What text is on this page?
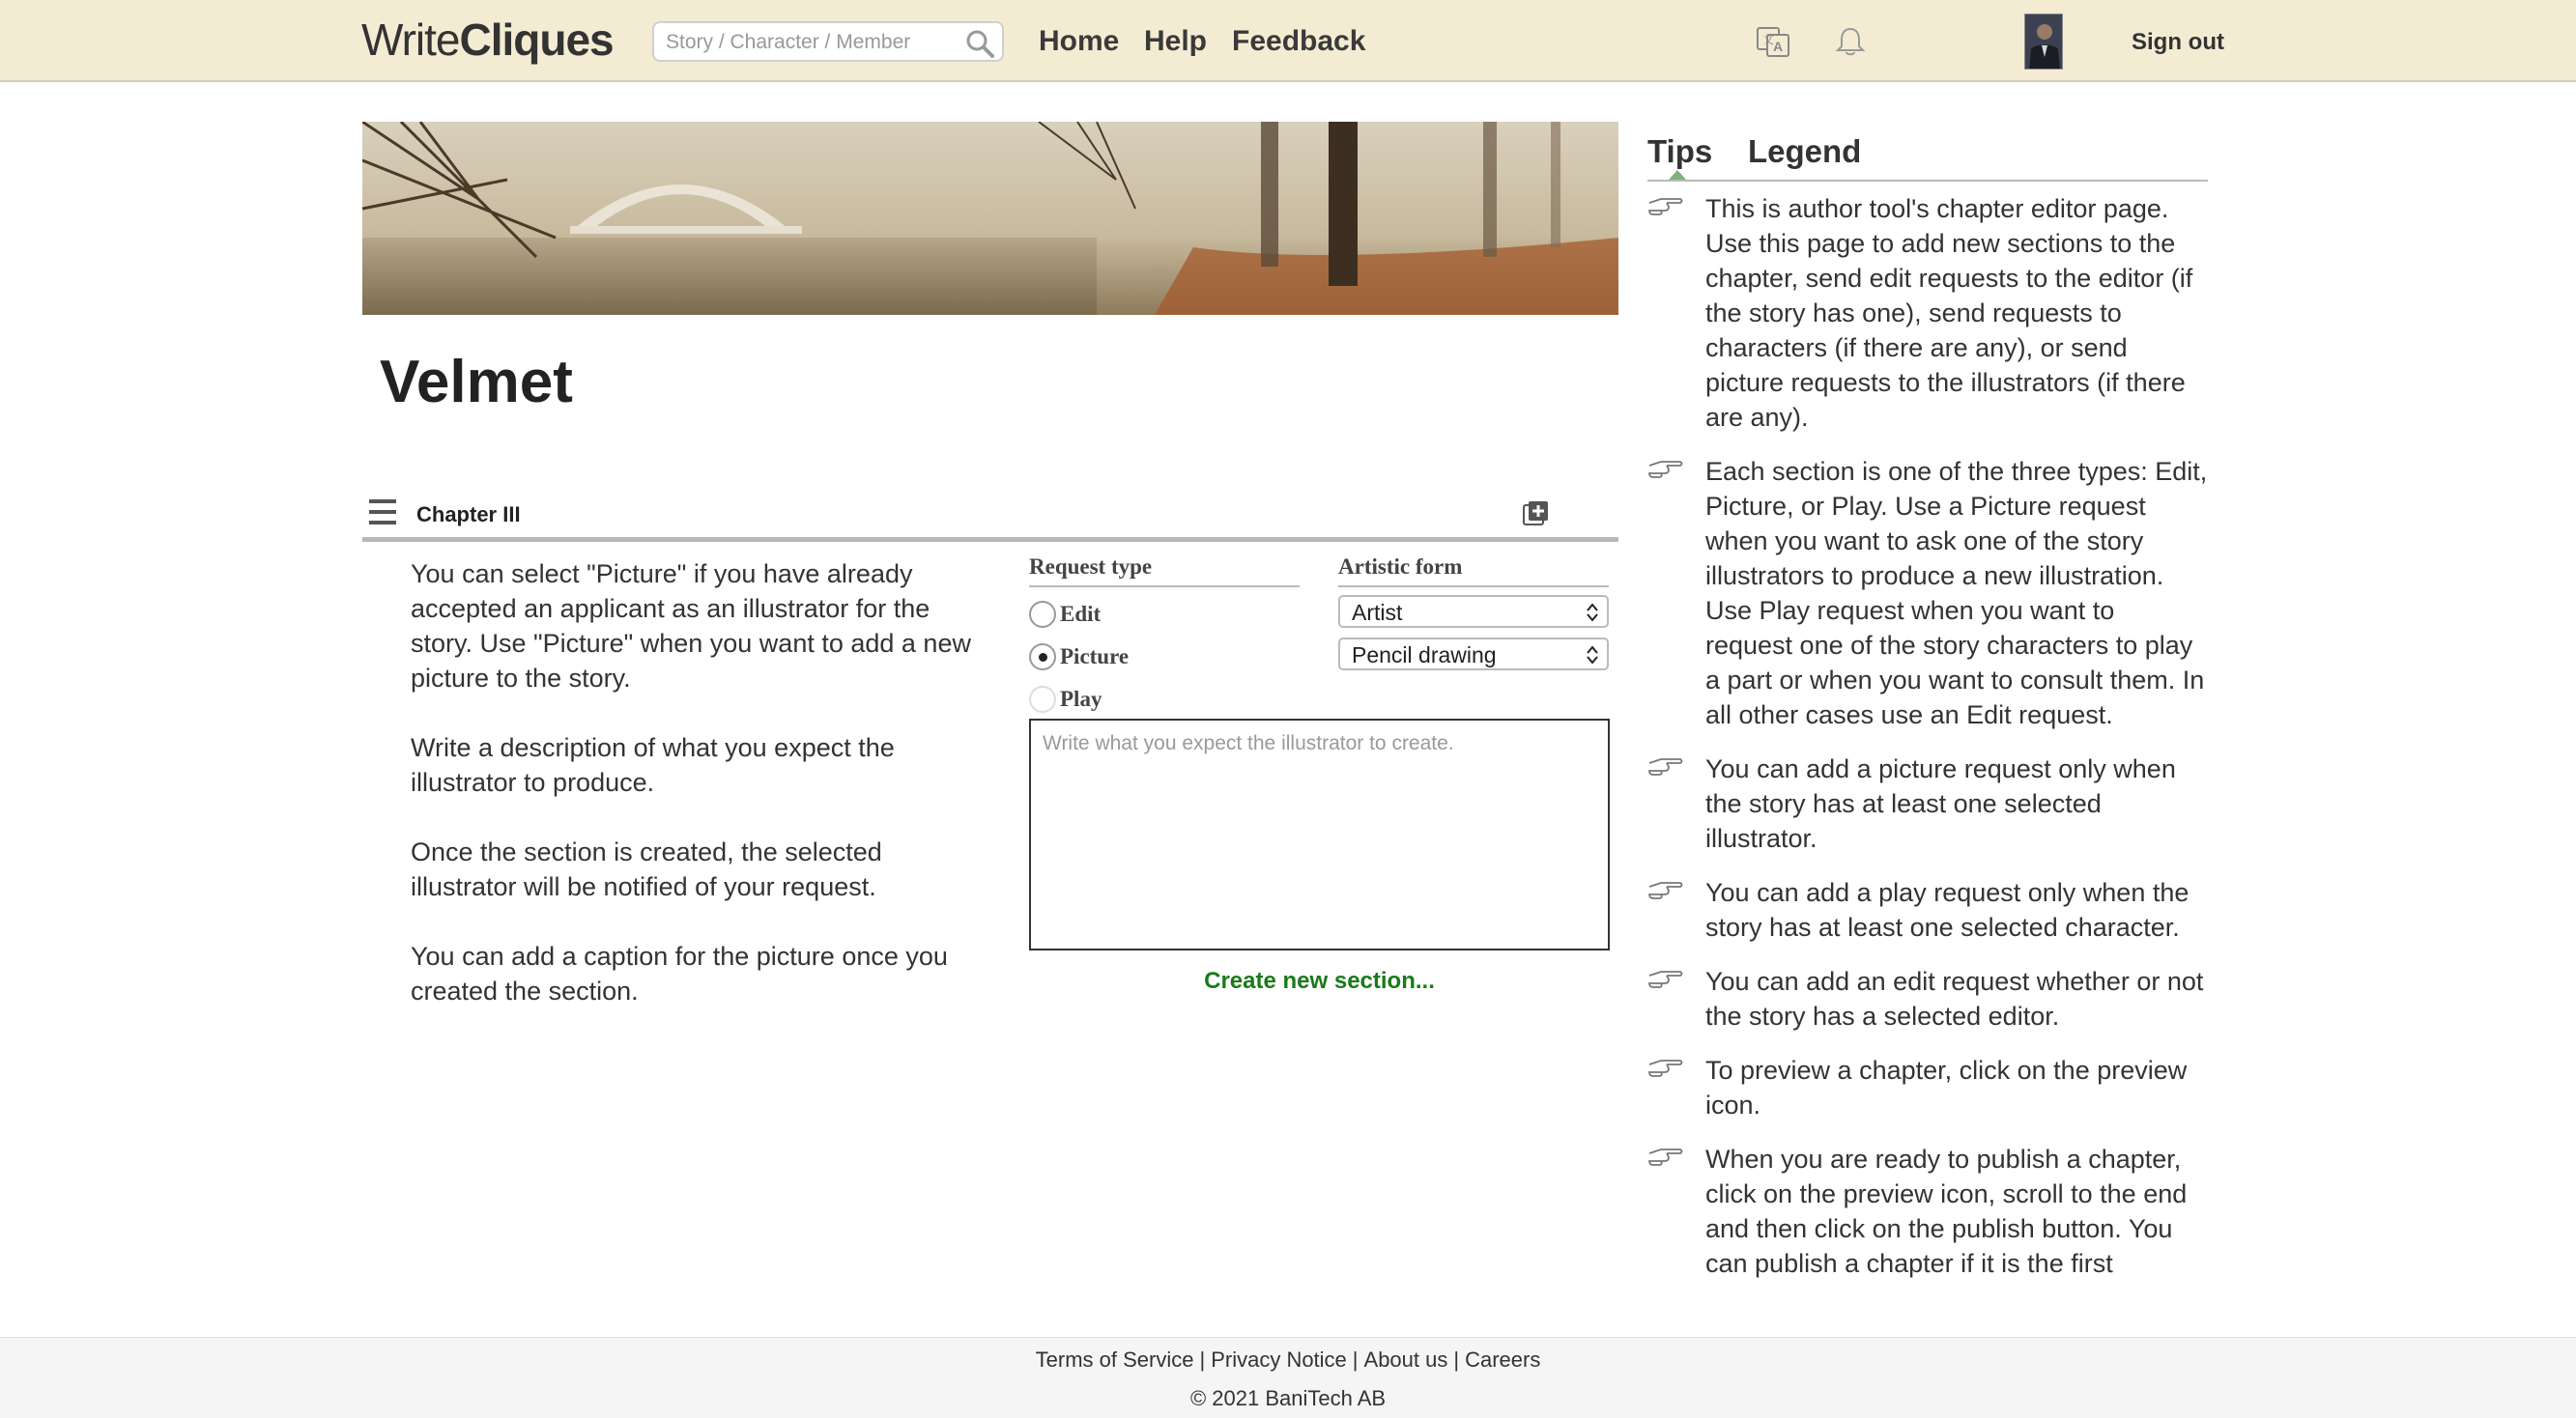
WriteCliques
Story / Character / Member	Home Help Feedback	文
A	Sign out
Velmet
Chapter III

You can select "Picture" if you have already accepted an applicant as an illustrator for the story. Use "Picture" when you want to add a new picture to the story.

Write a description of what you expect the illustrator to produce.

Once the section is created, the selected illustrator will be notified of your request.

You can add a caption for the picture once you created the section.

Request type	Artistic form
Edit
Picture
Play
Artist
Pencil drawing
Write what you expect the illustrator to create.
Create new section...
Tips Legend
This is author tool's chapter editor page. Use this page to add new sections to the chapter, send edit requests to the editor (if the story has one), send requests to characters (if there are any), or send picture requests to the illustrators (if there are any).
Each section is one of the three types: Edit, Picture, or Play. Use a Picture request when you want to ask one of the story illustrators to produce a new illustration. Use Play request when you want to request one of the story characters to play a part or when you want to consult them. In all other cases use an Edit request.
You can add a picture request only when the story has at least one selected illustrator.
You can add a play request only when the story has at least one selected character.
You can add an edit request whether or not the story has a selected editor.
To preview a chapter, click on the preview icon.
When you are ready to publish a chapter, click on the preview icon, scroll to the end and then click on the publish button. You can publish a chapter if it is the first
Terms of Service | Privacy Notice | About us | Careers
© 2021 BaniTech AB
